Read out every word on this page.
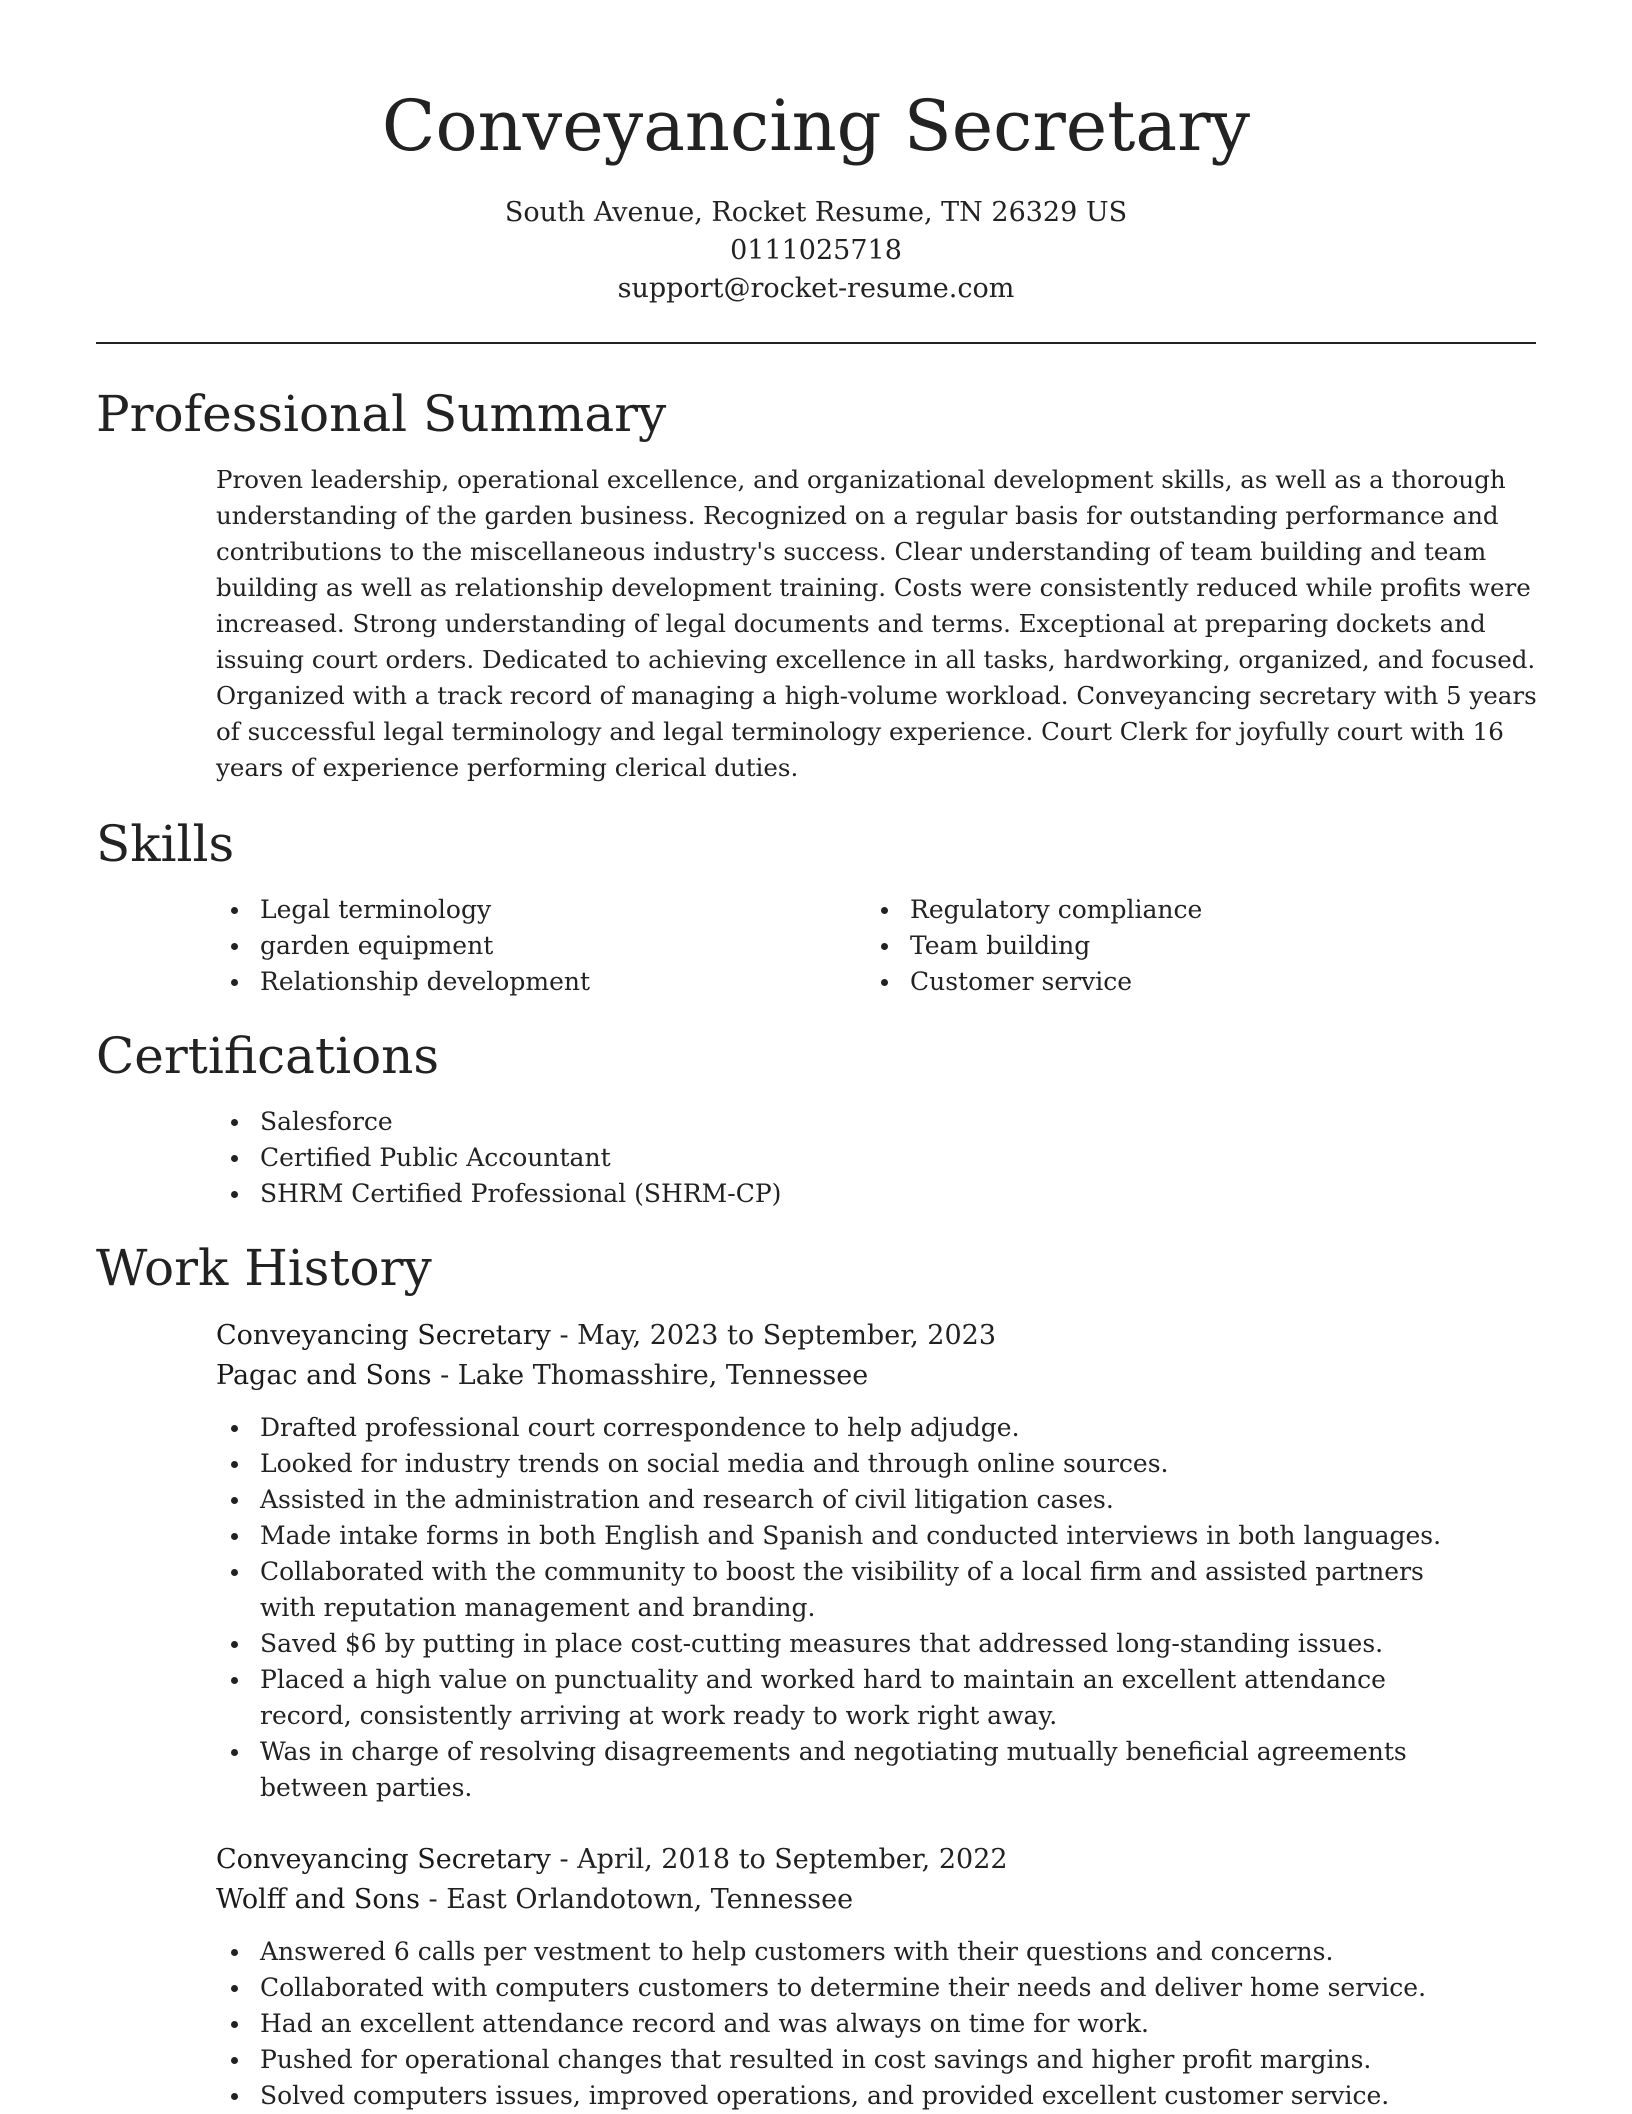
Conveyancing Secretary
South Avenue, Rocket Resume, TN 26329 US
0111025718
support@rocket-resume.com
Professional Summary

Proven leadership, operational excellence, and organizational development skills, as well as a thorough understanding of the garden business. Recognized on a regular basis for outstanding performance and contributions to the miscellaneous industry's success. Clear understanding of team building and team building as well as relationship development training. Costs were consistently reduced while profits were increased. Strong understanding of legal documents and terms. Exceptional at preparing dockets and issuing court orders. Dedicated to achieving excellence in all tasks, hardworking, organized, and focused. Organized with a track record of managing a high-volume workload. Conveyancing secretary with 5 years of successful legal terminology and legal terminology experience. Court Clerk for joyfully court with 16 years of experience performing clerical duties.

Skills
Legal terminology
garden equipment
Relationship development
Regulatory compliance
Team building
Customer service
Certifications
Salesforce
Certified Public Accountant
SHRM Certified Professional (SHRM-CP)
Work History
Conveyancing Secretary - May, 2023 to September, 2023
Pagac and Sons - Lake Thomasshire, Tennessee
Drafted professional court correspondence to help adjudge.
Looked for industry trends on social media and through online sources.
Assisted in the administration and research of civil litigation cases.
Made intake forms in both English and Spanish and conducted interviews in both languages.
Collaborated with the community to boost the visibility of a local firm and assisted partners with reputation management and branding.
Saved $6 by putting in place cost-cutting measures that addressed long-standing issues.
Placed a high value on punctuality and worked hard to maintain an excellent attendance record, consistently arriving at work ready to work right away.
Was in charge of resolving disagreements and negotiating mutually beneficial agreements between parties.
Conveyancing Secretary - April, 2018 to September, 2022
Wolff and Sons - East Orlandotown, Tennessee
Answered 6 calls per vestment to help customers with their questions and concerns.
Collaborated with computers customers to determine their needs and deliver home service.
Had an excellent attendance record and was always on time for work.
Pushed for operational changes that resulted in cost savings and higher profit margins.
Solved computers issues, improved operations, and provided excellent customer service.
